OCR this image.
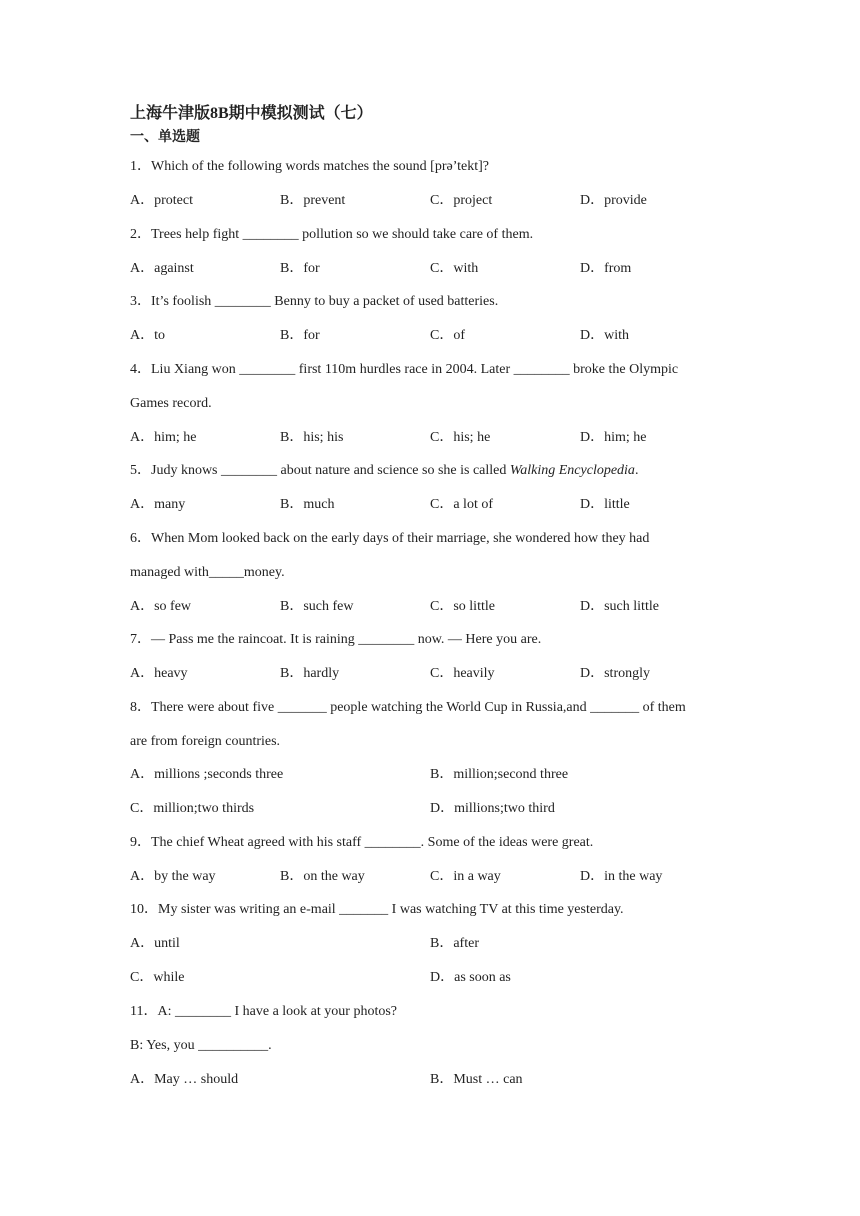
上海牛津版8B期中模拟测试（七）
一、单选题
1．Which of the following words matches the sound [prə’tekt]?
A．protect	B．prevent	C．project	D．provide
2．Trees help fight ________ pollution so we should take care of them.
A．against	B．for	C．with	D．from
3．It’s foolish ________ Benny to buy a packet of used batteries.
A．to	B．for	C．of	D．with
4．Liu Xiang won ________ first 110m hurdles race in 2004. Later ________ broke the Olympic
Games record.
A．him; he	B．his; his	C．his; he	D．him; he
5．Judy knows ________ about nature and science so she is called Walking Encyclopedia.
A．many	B．much	C．a lot of	D．little
6．When Mom looked back on the early days of their marriage, she wondered how they had
managed with_____money.
A．so few	B．such few	C．so little	D．such little
7．— Pass me the raincoat. It is raining ________ now. — Here you are.
A．heavy	B．hardly	C．heavily	D．strongly
8．There were about five _______ people watching the World Cup in Russia,and _______ of them
are from foreign countries.
A．millions ;seconds three	B．million;second three
C．million;two thirds	D．millions;two third
9．The chief Wheat agreed with his staff ________. Some of the ideas were great.
A．by the way	B．on the way	C．in a way	D．in the way
10．My sister was writing an e-mail _______ I was watching TV at this time yesterday.
A．until	B．after
C．while	D．as soon as
11．A: ________ I have a look at your photos?
B: Yes, you __________.
A．May … should	B．Must … can
